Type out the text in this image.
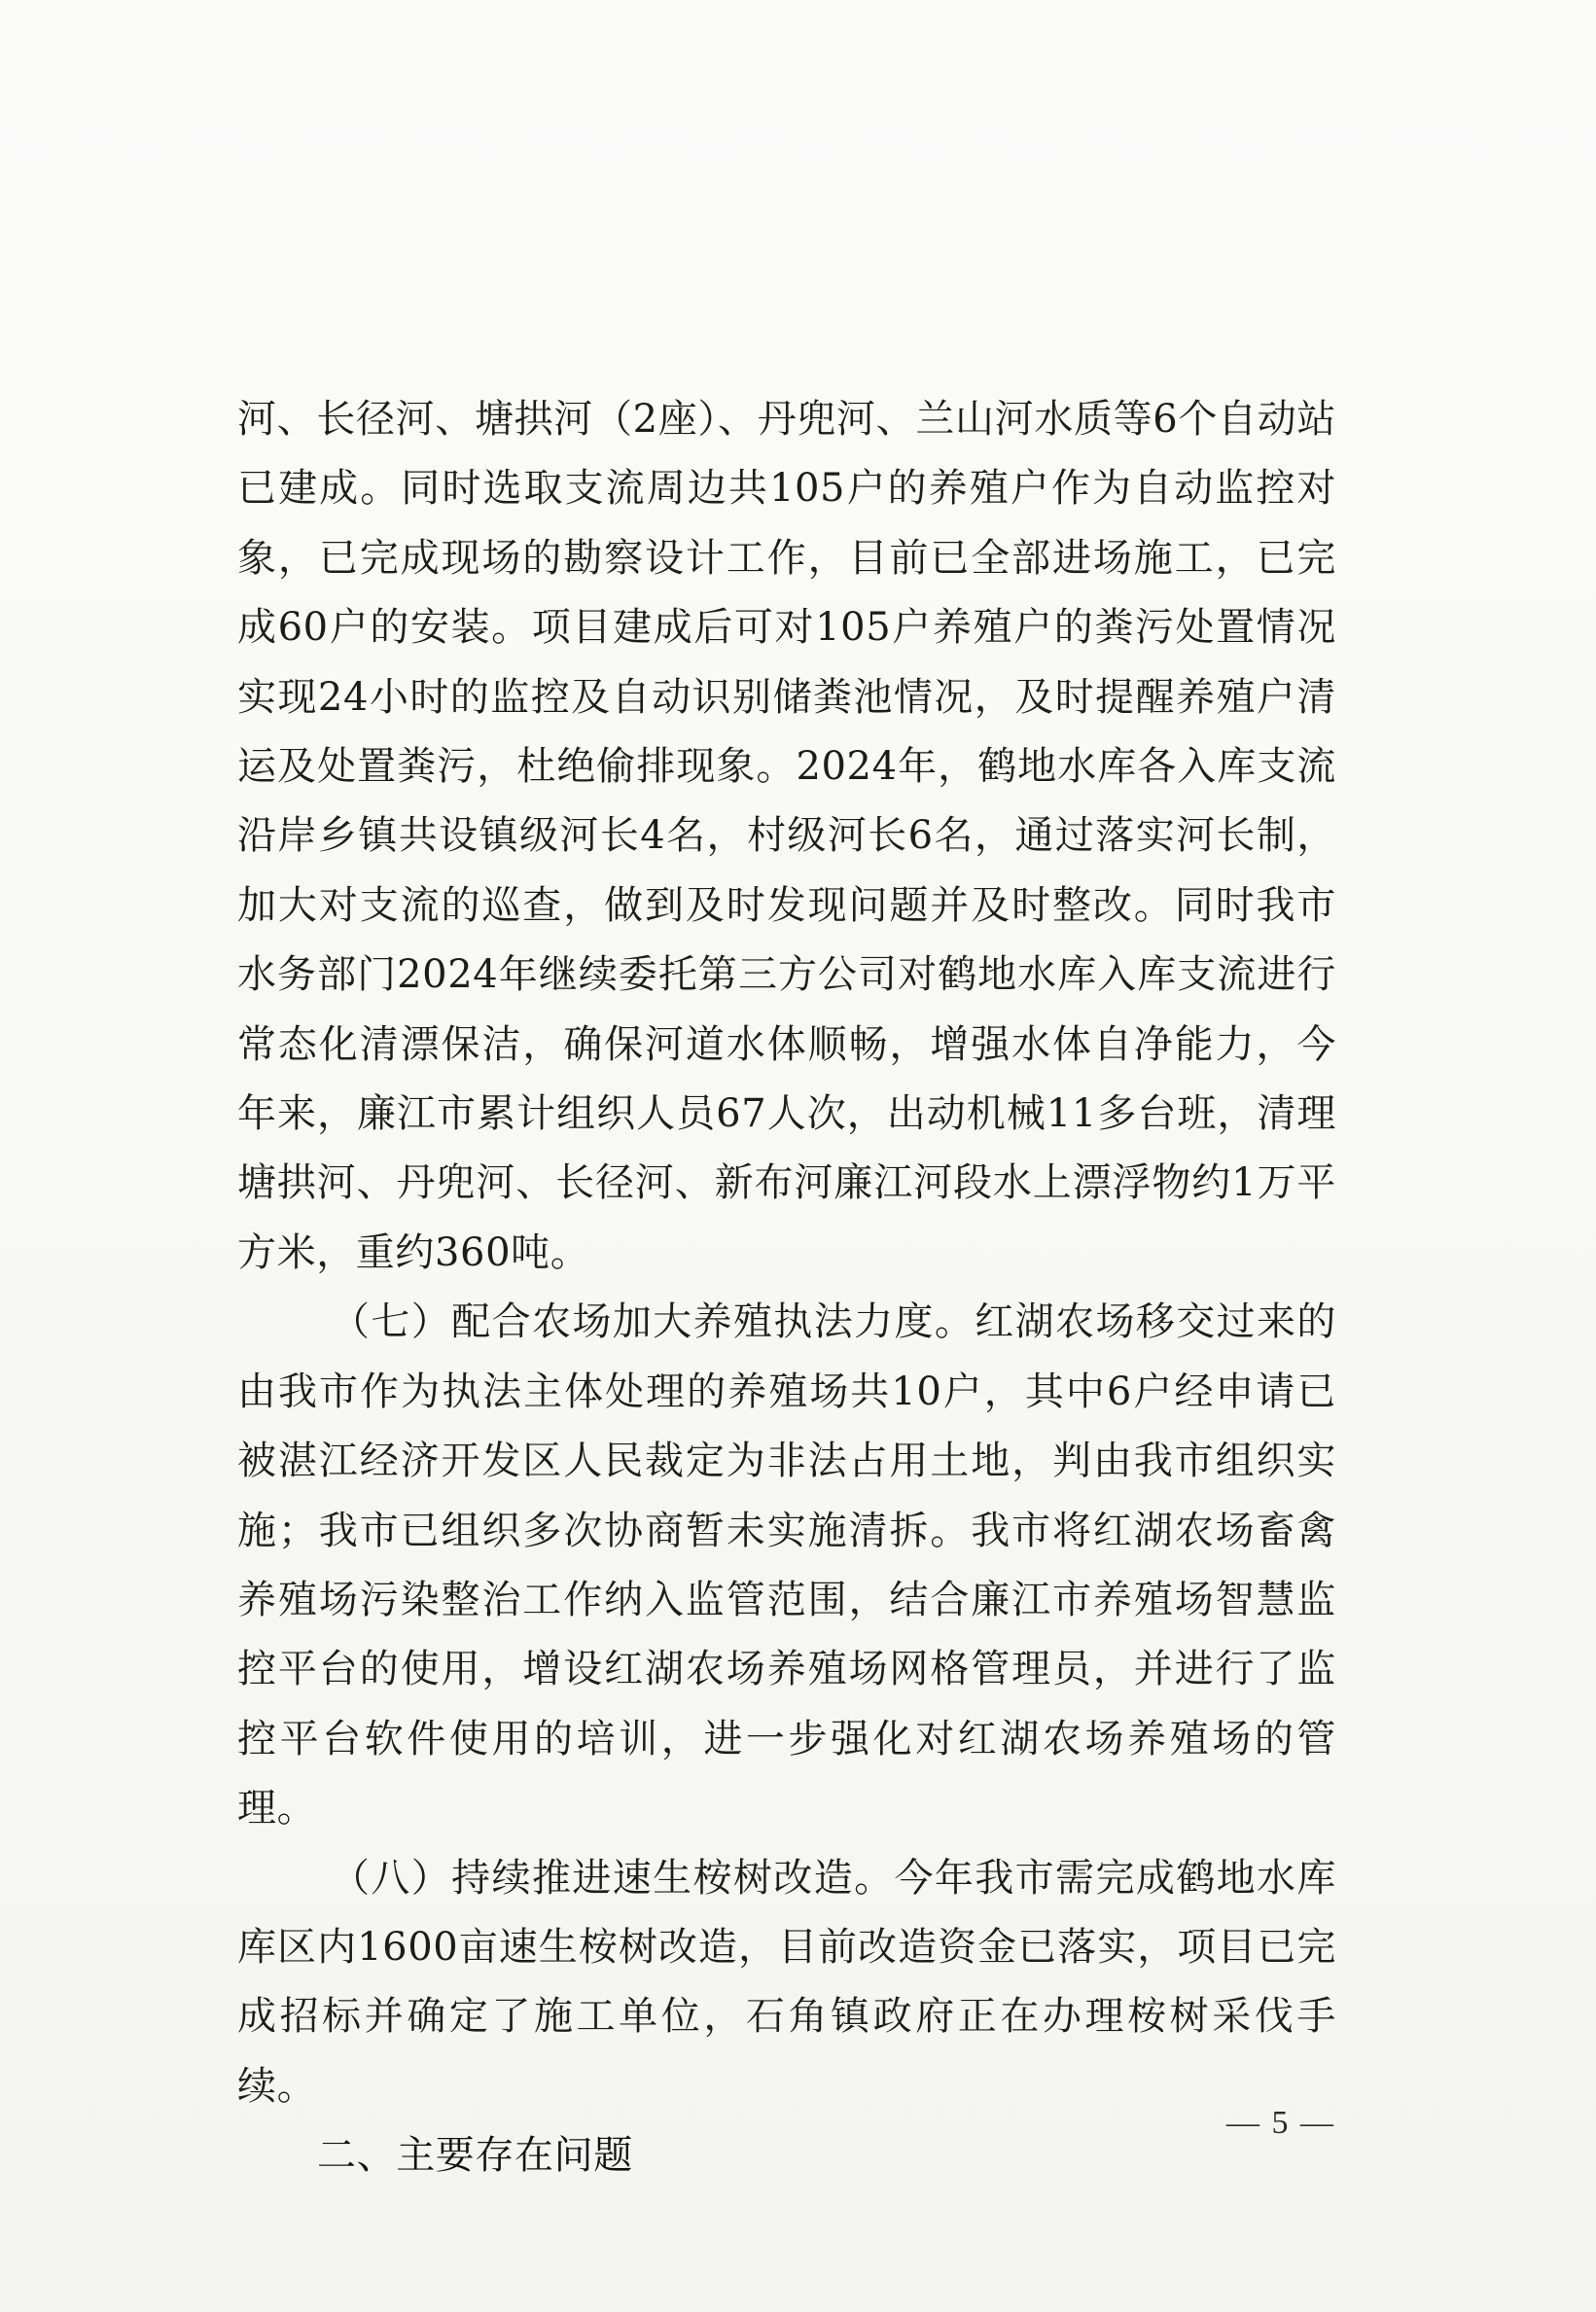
河、长径河、塘拱河（2座）、丹兜河、兰山河水质等6个自动站已建成。同时选取支流周边共105户的养殖户作为自动监控对象，已完成现场的勘察设计工作，目前已全部进场施工，已完成60户的安装。项目建成后可对105户养殖户的粪污处置情况实现24小时的监控及自动识别储粪池情况，及时提醒养殖户清运及处置粪污，杜绝偷排现象。2024年，鹤地水库各入库支流沿岸乡镇共设镇级河长4名，村级河长6名，通过落实河长制，加大对支流的巡查，做到及时发现问题并及时整改。同时我市水务部门2024年继续委托第三方公司对鹤地水库入库支流进行常态化清漂保洁，确保河道水体顺畅，增强水体自净能力，今年来，廉江市累计组织人员67人次，出动机械11多台班，清理塘拱河、丹兜河、长径河、新布河廉江河段水上漂浮物约1万平方米，重约360吨。

（七）配合农场加大养殖执法力度。红湖农场移交过来的由我市作为执法主体处理的养殖场共10户，其中6户经申请已被湛江经济开发区人民裁定为非法占用土地，判由我市组织实施；我市已组织多次协商暂未实施清拆。我市将红湖农场畜禽养殖场污染整治工作纳入监管范围，结合廉江市养殖场智慧监控平台的使用，增设红湖农场养殖场网格管理员，并进行了监控平台软件使用的培训，进一步强化对红湖农场养殖场的管理。

（八）持续推进速生桉树改造。今年我市需完成鹤地水库库区内1600亩速生桉树改造，目前改造资金已落实，项目已完成招标并确定了施工单位，石角镇政府正在办理桉树采伐手续。

二、主要存在问题

— 5 —
